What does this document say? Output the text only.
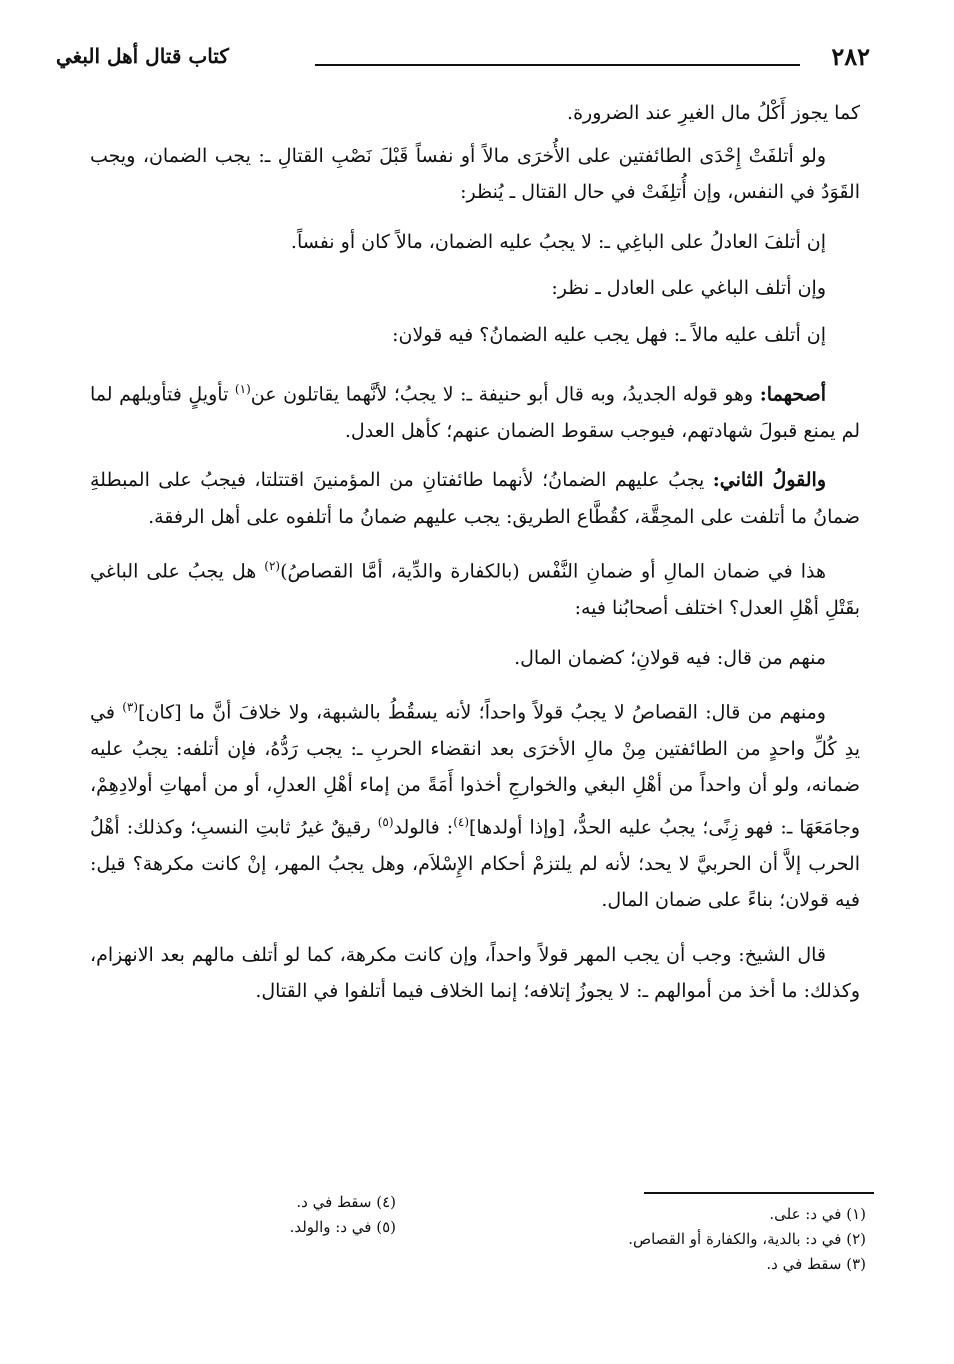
٢٨٢
كتاب قتال أهل البغي

كما يجوز أَكْلُ مال الغيرِ عند الضرورة.

ولو أتلفَتْ إِحْدَى الطائفتين على الأُخرَى مالاً أو نفساً قَبْلَ نَصْبِ القتالِ ـ: يجب الضمان، ويجب القَوَدُ في النفس، وإن أُتلِفَتْ في حال القتال ـ يُنظر:

إن أتلفَ العادلُ على الباغِي ـ: لا يجبُ عليه الضمان، مالاً كان أو نفساً.

وإن أتلف الباغي على العادل ـ نظر:

إن أتلف عليه مالاً ـ: فهل يجب عليه الضمانُ؟ فيه قولان:

أصحهما: وهو قوله الجديدُ، وبه قال أبو حنيفة ـ: لا يجبُ؛ لأنَّهما يقاتلون عن$^{(١)}$ تأويلٍ فتأويلهم لما لم يمنع قبولَ شهادتهم، فيوجب سقوط الضمان عنهم؛ كأهل العدل.

والقولُ الثاني: يجبُ عليهم الضمانُ؛ لأنهما طائفتانِ من المؤمنينَ اقتتلتا، فيجبُ على المبطلةِ ضمانُ ما أتلفت على المحِقَّة، كقُطَّاع الطريق: يجب عليهم ضمانُ ما أتلفوه على أهل الرفقة.

هذا في ضمان المالِ أو ضمانِ النَّفْس (بالكفارة والدِّية، أمَّا القصاصُ)$^{(٢)}$ هل يجبُ على الباغي بقَتْلِ أهْلِ العدل؟ اختلف أصحابُنا فيه:

منهم من قال: فيه قولانِ؛ كضمان المال.

ومنهم من قال: القصاصُ لا يجبُ قولاً واحداً؛ لأنه يسقُطُ بالشبهة، ولا خلافَ أنَّ ما [كان]$^{(٣)}$ في يدِ كُلِّ واحدٍ من الطائفتين مِنْ مالِ الأخرَى بعد انقضاء الحربِ ـ: يجب رَدُّهُ، فإن أتلفه: يجبُ عليه ضمانه، ولو أن واحداً من أهْلِ البغي والخوارجِ أخذوا أَمَةً من إماء أهْلِ العدلِ، أو من أمهاتِ أولادِهِمْ، وجامَعَهَا ـ: فهو زِنًى؛ يجبُ عليه الحدُّ، [وإذا أولدها]$^{(٤)}$: فالولد$^{(٥)}$ رقيقٌ غيرُ ثابتِ النسبِ؛ وكذلك: أهْلُ الحرب إلاَّ أن الحربيَّ لا يحد؛ لأنه لم يلتزمْ أحكام الإِسْلاَم، وهل يجبُ المهر، إنْ كانت مكرهة؟ قيل: فيه قولان؛ بناءً على ضمان المال.

قال الشيخ: وجب أن يجب المهر قولاً واحداً، وإن كانت مكرهة، كما لو أتلف مالهم بعد الانهزام، وكذلك: ما أخذ من أموالهم ـ: لا يجوزُ إتلافه؛ إنما الخلاف فيما أتلفوا في القتال.

(١) في د: على.
(٢) في د: بالدية، والكفارة أو القصاص.
(٣) سقط في د.
(٤) سقط في د.
(٥) في د: والولد.
